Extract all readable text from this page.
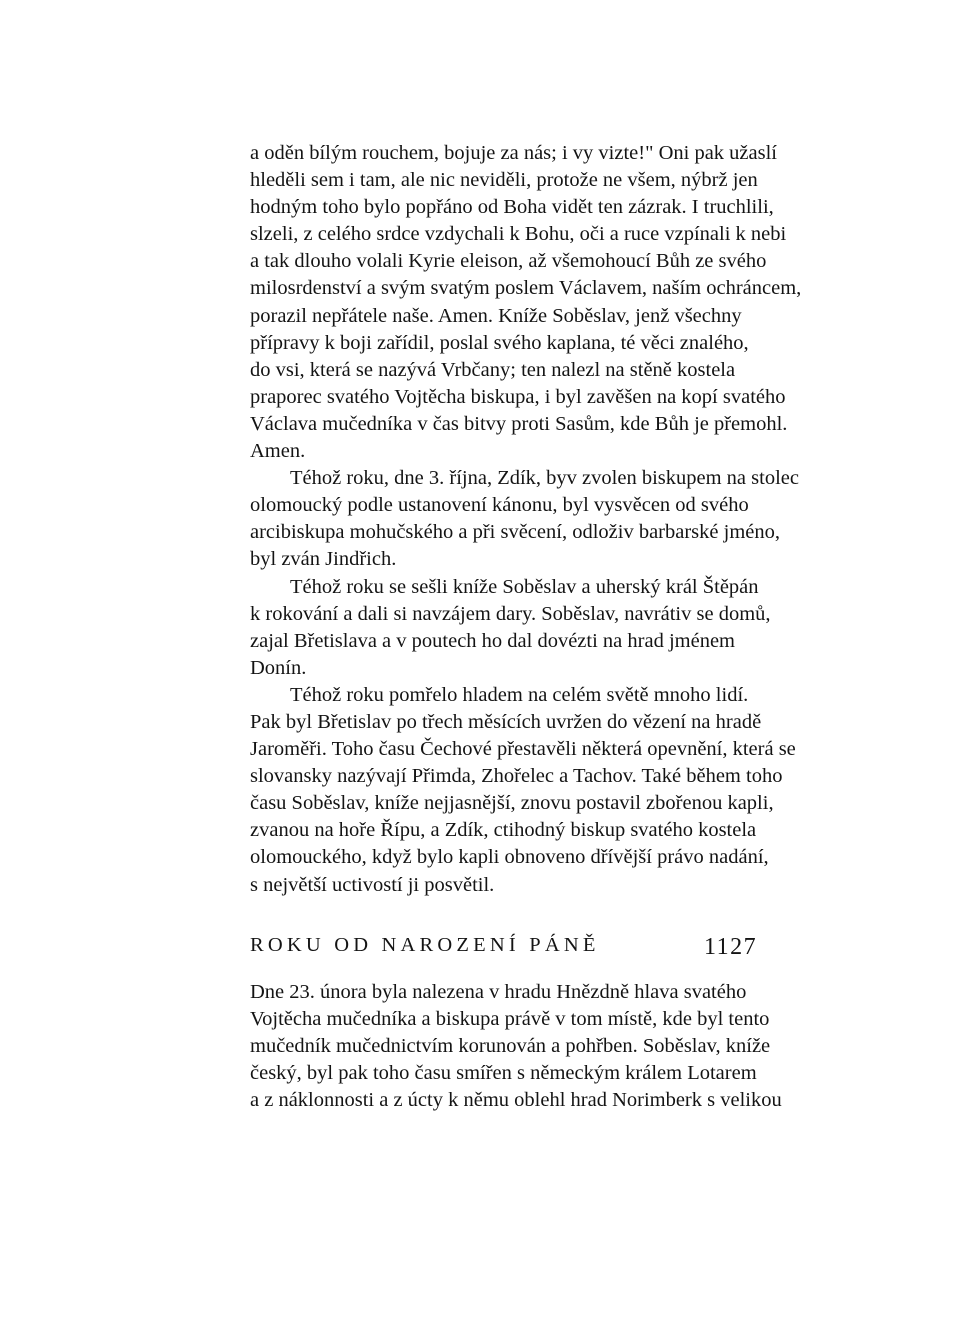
a oděn bílým rouchem, bojuje za nás; i vy vizte!" Oni pak užaslí
hleděli sem i tam, ale nic neviděli, protože ne všem, nýbrž jen
hodným toho bylo popřáno od Boha vidět ten zázrak. I truchlili,
slzeli, z celého srdce vzdychali k Bohu, oči a ruce vzpínali k nebi
a tak dlouho volali Kyrie eleison, až všemohoucí Bůh ze svého
milosrdenství a svým svatým poslem Václavem, naším ochráncem,
porazil nepřátele naše. Amen. Kníže Soběslav, jenž všechny
přípravy k boji zařídil, poslal svého kaplana, té věci znalého,
do vsi, která se nazývá Vrbčany; ten nalezl na stěně kostela
praporec svatého Vojtěcha biskupa, i byl zavěšen na kopí svatého
Václava mučedníka v čas bitvy proti Sasům, kde Bůh je přemohl.
Amen.
Téhož roku, dne 3. října, Zdík, byv zvolen biskupem na stolec
olomoucký podle ustanovení kánonu, byl vysvěcen od svého
arcibiskupa mohučského a při svěcení, odloživ barbarské jméno,
byl zván Jindřich.
Téhož roku se sešli kníže Soběslav a uherský král Štěpán
k rokování a dali si navzájem dary. Soběslav, navrátiv se domů,
zajal Břetislava a v poutech ho dal dovézti na hrad jménem
Donín.
Téhož roku pomřelo hladem na celém světě mnoho lidí.
Pak byl Břetislav po třech měsících uvržen do vězení na hradě
Jaroměři. Toho času Čechové přestavěli některá opevnění, která se
slovansky nazývají Přimda, Zhořelec a Tachov. Také během toho
času Soběslav, kníže nejjasnější, znovu postavil zbořenou kapli,
zvanou na hoře Řípu, a Zdík, ctihodný biskup svatého kostela
olomouckého, když bylo kapli obnoveno dřívější právo nadání,
s největší uctivostí ji posvětil.
ROKU OD NAROZENÍ PÁNĚ	1127
Dne 23. února byla nalezena v hradu Hnězdně hlava svatého
Vojtěcha mučedníka a biskupa právě v tom místě, kde byl tento
mučedník mučednictvím korunován a pohřben. Soběslav, kníže
český, byl pak toho času smířen s německým králem Lotarem
a z náklonnosti a z úcty k němu oblehl hrad Norimberk s velikou
